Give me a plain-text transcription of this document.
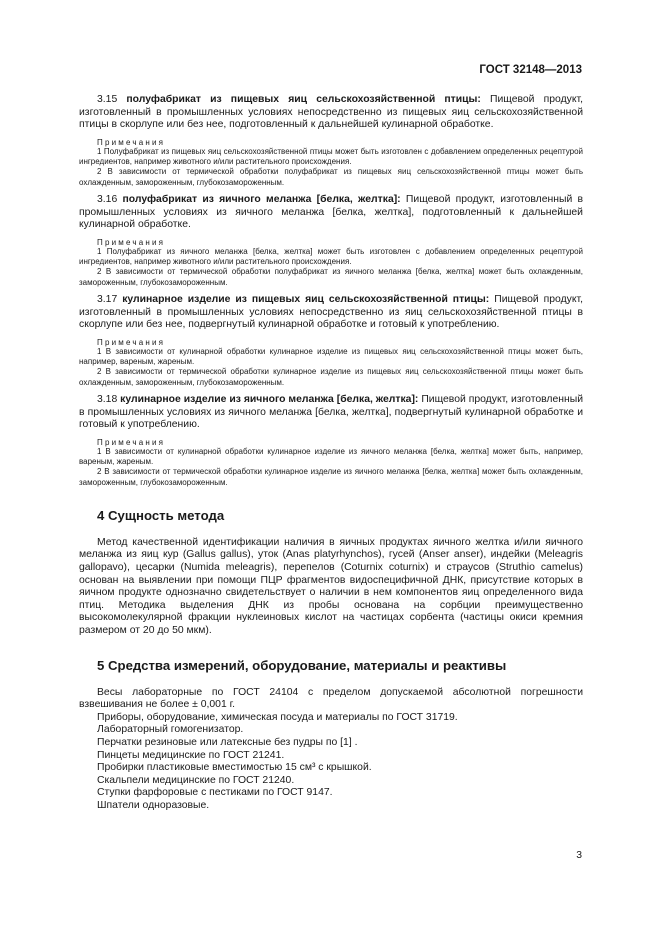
ГОСТ 32148—2013

3.15 полуфабрикат из пищевых яиц сельскохозяйственной птицы: Пищевой продукт, изготовленный в промышленных условиях непосредственно из пищевых яиц сельскохозяйственной птицы в скорлупе или без нее, подготовленный к дальнейшей кулинарной обработке.

Примечания

1 Полуфабрикат из пищевых яиц сельскохозяйственной птицы может быть изготовлен с добавлением определенных рецептурой ингредиентов, например животного и/или растительного происхождения.

2 В зависимости от термической обработки полуфабрикат из пищевых яиц сельскохозяйственной птицы может быть охлажденным, замороженным, глубокозамороженным.

3.16 полуфабрикат из яичного меланжа [белка, желтка]: Пищевой продукт, изготовленный в промышленных условиях из яичного меланжа [белка, желтка], подготовленный к дальнейшей кулинарной обработке.

Примечания

1 Полуфабрикат из яичного меланжа [белка, желтка] может быть изготовлен с добавлением определенных рецептурой ингредиентов, например животного и/или растительного происхождения.

2 В зависимости от термической обработки полуфабрикат из яичного меланжа [белка, желтка] может быть охлажденным, замороженным, глубокозамороженным.

3.17 кулинарное изделие из пищевых яиц сельскохозяйственной птицы: Пищевой продукт, изготовленный в промышленных условиях непосредственно из яиц сельскохозяйственной птицы в скорлупе или без нее, подвергнутый кулинарной обработке и готовый к употреблению.

Примечания

1 В зависимости от кулинарной обработки кулинарное изделие из пищевых яиц сельскохозяйственной птицы может быть, например, вареным, жареным.

2 В зависимости от термической обработки кулинарное изделие из пищевых яиц сельскохозяйственной птицы может быть охлажденным, замороженным, глубокозамороженным.

3.18 кулинарное изделие из яичного меланжа [белка, желтка]: Пищевой продукт, изготовленный в промышленных условиях из яичного меланжа [белка, желтка], подвергнутый кулинарной обработке и готовый к употреблению.

Примечания

1 В зависимости от кулинарной обработки кулинарное изделие из яичного меланжа [белка, желтка] может быть, например, вареным, жареным.

2 В зависимости от термической обработки кулинарное изделие из яичного меланжа [белка, желтка] может быть охлажденным, замороженным, глубокозамороженным.

4 Сущность метода

Метод качественной идентификации наличия в яичных продуктах яичного желтка и/или яичного меланжа из яиц кур (Gallus gallus), уток (Anas platyrhynchos), гусей (Anser anser), индейки (Meleagris gallopavo), цесарки (Numida meleagris), перепелов (Coturnix coturnix) и страусов (Struthio camelus) основан на выявлении при помощи ПЦР фрагментов видоспецифичной ДНК, присутствие которых в яичном продукте однозначно свидетельствует о наличии в нем компонентов яиц определенного вида птиц. Методика выделения ДНК из пробы основана на сорбции преимущественно высокомолекулярной фракции нуклеиновых кислот на частицах сорбента (частицы окиси кремния размером от 20 до 50 мкм).

5 Средства измерений, оборудование, материалы и реактивы

Весы лабораторные по ГОСТ 24104 с пределом допускаемой абсолютной погрешности взвешивания не более ± 0,001 г.

Приборы, оборудование, химическая посуда и материалы по ГОСТ 31719.

Лабораторный гомогенизатор.

Перчатки резиновые или латексные без пудры по [1] .

Пинцеты медицинские по ГОСТ 21241.

Пробирки пластиковые вместимостью 15 см³ с крышкой.

Скальпели медицинские по ГОСТ 21240.

Ступки фарфоровые с пестиками по ГОСТ 9147.

Шпатели одноразовые.

3
